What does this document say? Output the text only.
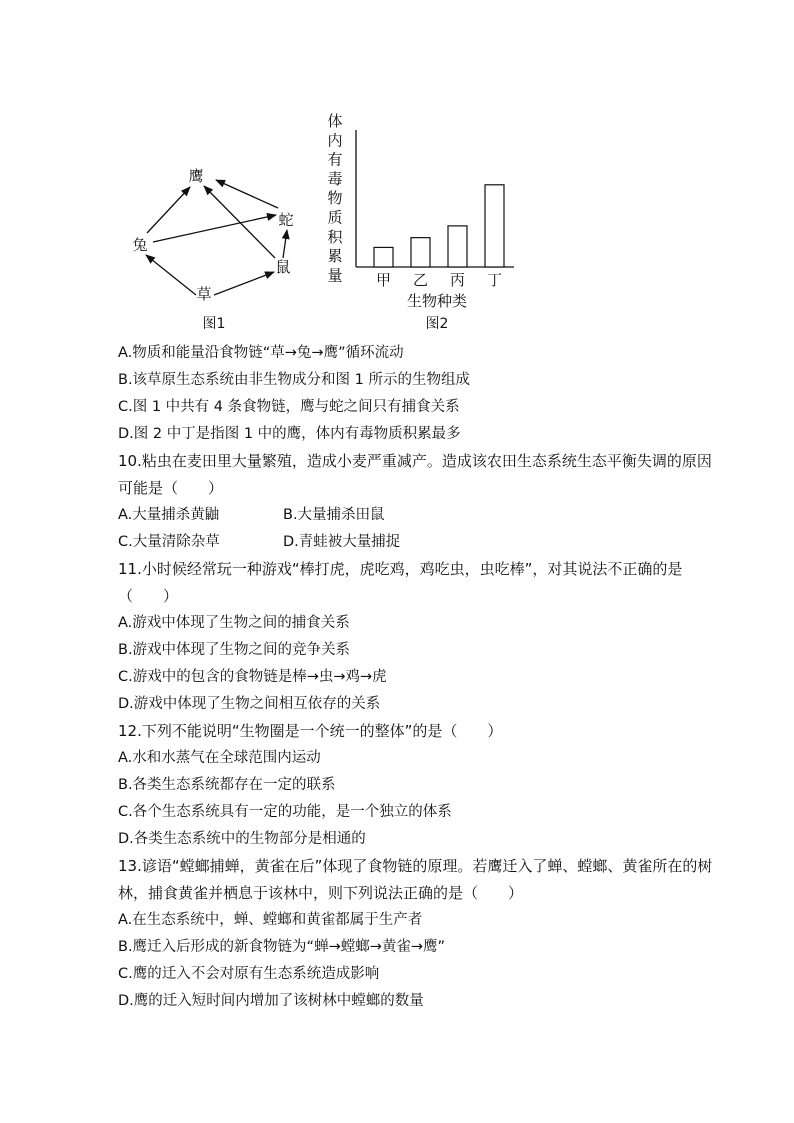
鹰
蛇
兔
鼠
草
图1
体
内
有
毒
物
质
积
累
量 甲 乙 丙 丁
生物种类
图2
A.物质和能量沿食物链“草→兔→鹰”循环流动
B.该草原生态系统由非生物成分和图 1 所示的生物组成
C.图 1 中共有 4 条食物链，鹰与蛇之间只有捕食关系
D.图 2 中丁是指图 1 中的鹰，体内有毒物质积累最多
10.粘虫在麦田里大量繁殖，造成小麦严重减产。造成该农田生态系统生态平衡失调的原因
可能是（　　）
A.大量捕杀黄鼬	B.大量捕杀田鼠
C.大量清除杂草	D.青蛙被大量捕捉
11.小时候经常玩一种游戏“棒打虎，虎吃鸡，鸡吃虫，虫吃棒”，对其说法不正确的是
（　　）
A.游戏中体现了生物之间的捕食关系
B.游戏中体现了生物之间的竞争关系
C.游戏中的包含的食物链是棒→虫→鸡→虎
D.游戏中体现了生物之间相互依存的关系
12.下列不能说明“生物圈是一个统一的整体”的是（　　）
A.水和水蒸气在全球范围内运动
B.各类生态系统都存在一定的联系
C.各个生态系统具有一定的功能，是一个独立的体系
D.各类生态系统中的生物部分是相通的
13.谚语“螳螂捕蝉，黄雀在后”体现了食物链的原理。若鹰迁入了蝉、螳螂、黄雀所在的树
林，捕食黄雀并栖息于该林中，则下列说法正确的是（　　）
A.在生态系统中，蝉、螳螂和黄雀都属于生产者
B.鹰迁入后形成的新食物链为“蝉→螳螂→黄雀→鹰”
C.鹰的迁入不会对原有生态系统造成影响
D.鹰的迁入短时间内增加了该树林中螳螂的数量
